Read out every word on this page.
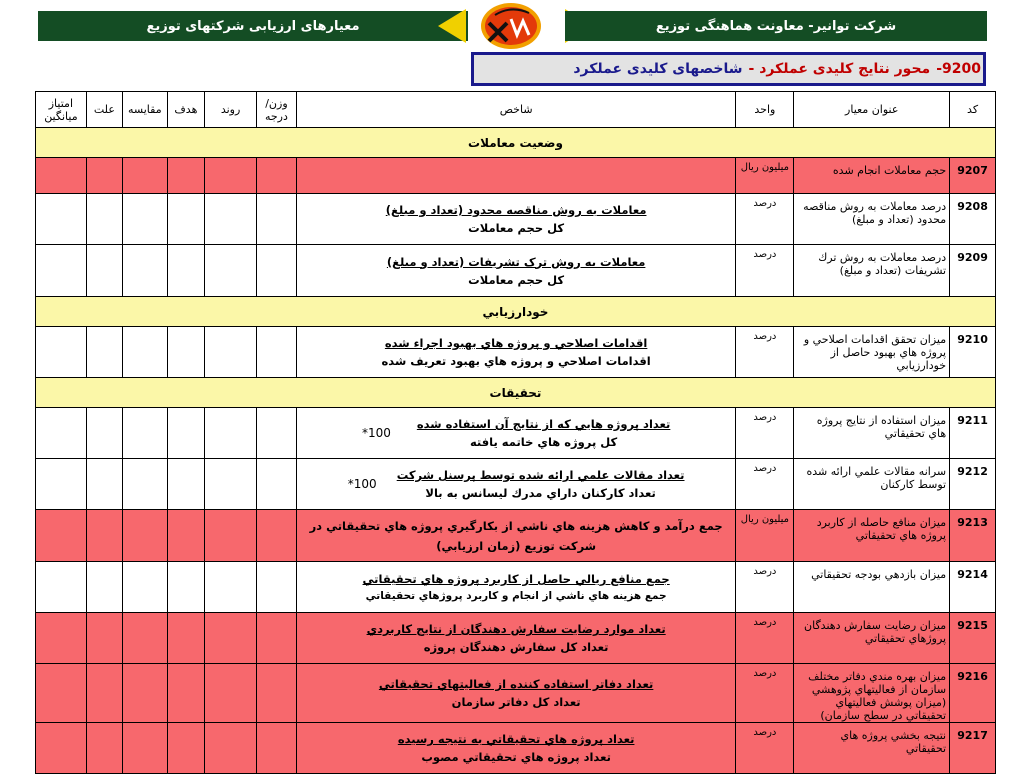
معيارهای ارزيابی شرکتهای توزيع	شرکت توانير- معاونت هماهنگی توزيع
9200-
محور نتايج کليدی عملکرد -
شاخصهای کليدی عملکرد
کد	عنوان معيار	واحد	شاخص	وزن/ درجه	روند	هدف	مقايسه	علت	امتياز ميانگين
وضعيت معاملات									
9207	حجم معاملات انجام شده	ميليون ريال							
9208	درصد معاملات به روش مناقصه محدود (تعداد و مبلغ)	درصد	معاملات به روش مناقصه محدود (تعداد و مبلغ)
کل حجم معاملات						

9209	درصد معاملات به روش ترك تشريفات (تعداد و مبلغ)	درصد	معاملات به روش ترک تشريفات (تعداد و مبلغ)
کل حجم معاملات						

خودارزيابي									
9210	ميزان تحقق اقدامات اصلاحي و پروژه هاي بهبود حاصل از خودارزيابي	درصد	اقدامات اصلاحي و پروژه هاي بهبود اجراء شده
اقدامات اصلاحي و پروژه هاي بهبود تعريف شده						

تحقيقات									
9211	ميزان استفاده از نتايج پروژه هاي تحقيقاتي	درصد	$\frac{\text{تعداد پروژه هايي كه از نتايج آن استفاده شده}}{\text{كل پروژه هاي خاتمه يافته}}$
100*						

9212	سرانه مقالات علمي ارائه شده توسط كاركنان	درصد	$\frac{\text{تعداد مقالات علمي ارائه شده توسط پرسنل شركت}}{\text{تعداد كاركنان داراي مدرك ليسانس به بالا}}$
100*						

9213	ميزان منافع حاصله از كاربرد پروژه هاي تحقيقاتي	ميليون ريال	جمع درآمد و كاهش هزينه هاي ناشي از بكارگيري پروژه هاي تحقيقاتي در شركت توزيع (زمان ارزيابي)						

9214	ميزان بازدهي بودجه تحقيقاتي	درصد	جمع منافع ريالي حاصل از كاربرد پروژه هاي تحقيقاتي
جمع هزينه هاي ناشي از انجام و كاربرد پروژهاي تحقيقاتي						

9215	ميزان رضايت سفارش دهندگان پروژهاي تحقيقاتي	درصد	تعداد موارد رضايت سفارش دهندگان از نتايج كاربردي
تعداد كل سفارش دهندگان پروژه						

9216	ميزان بهره مندي دفاتر مختلف سازمان از فعاليتهاي پژوهشي (ميزان پوشش فعاليتهاي تحقيقاتي در سطح سازمان)	درصد	تعداد دفاتر استفاده كننده از فعاليتهاي تحقيقاتي
تعداد كل دفاتر سازمان						

9217	نتيجه بخشي پروژه هاي تحقيقاتي	درصد	تعداد پروژه هاي تحقيقاتي به نتيجه رسيده
تعداد پروژه هاي تحقيقاتي مصوب						
